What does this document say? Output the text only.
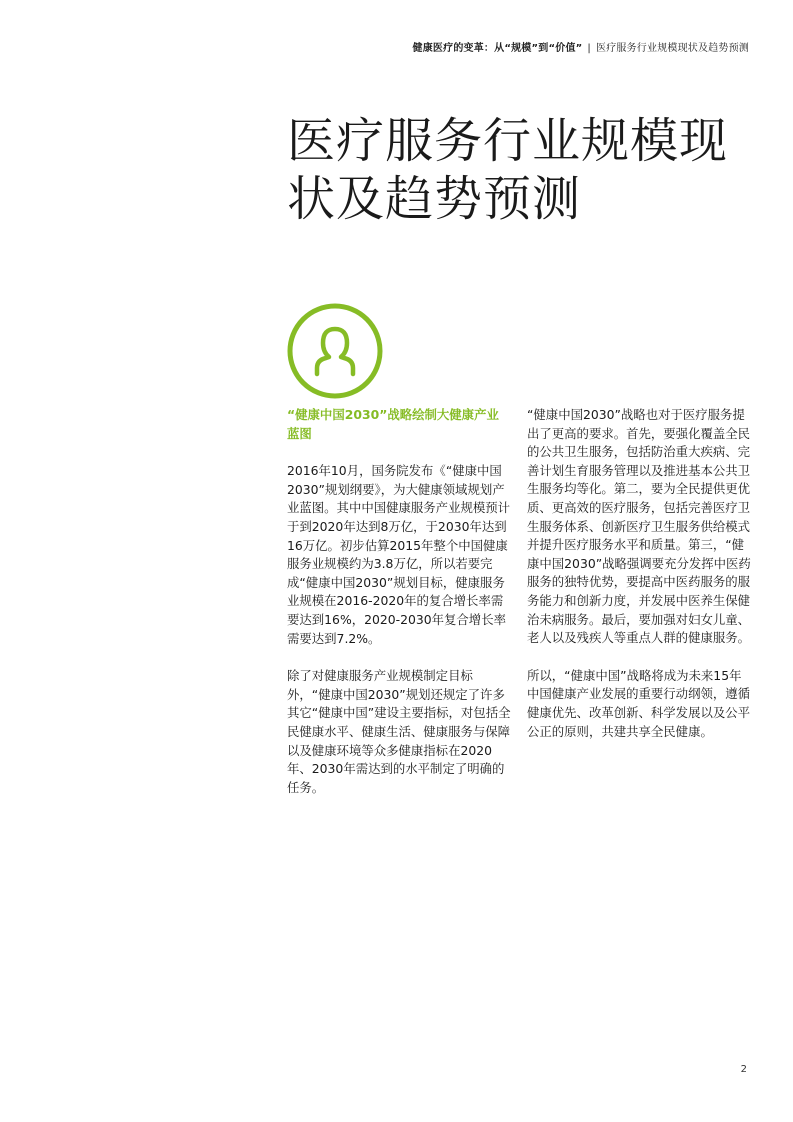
健康医疗的变革：从“规模”到“价值” | 医疗服务行业规模现状及趋势预测
医疗服务行业规模现
状及趋势预测

“健康中国2030”战略绘制大健康产业蓝图

2016年10月，国务院发布《“健康中国2030”规划纲要》，为大健康领域规划产业蓝图。其中中国健康服务产业规模预计于到2020年达到8万亿，于2030年达到16万亿。初步估算2015年整个中国健康服务业规模约为3.8万亿，所以若要完成“健康中国2030”规划目标，健康服务业规模在2016-2020年的复合增长率需要达到16%，2020-2030年复合增长率需要达到7.2%。

除了对健康服务产业规模制定目标外，“健康中国2030”规划还规定了许多其它“健康中国”建设主要指标，对包括全民健康水平、健康生活、健康服务与保障以及健康环境等众多健康指标在2020年、2030年需达到的水平制定了明确的任务。

“健康中国2030”战略也对于医疗服务提出了更高的要求。首先，要强化覆盖全民的公共卫生服务，包括防治重大疾病、完善计划生育服务管理以及推进基本公共卫生服务均等化。第二，要为全民提供更优质、更高效的医疗服务，包括完善医疗卫生服务体系、创新医疗卫生服务供给模式并提升医疗服务水平和质量。第三，“健康中国2030”战略强调要充分发挥中医药服务的独特优势，要提高中医药服务的服务能力和创新力度，并发展中医养生保健治未病服务。最后，要加强对妇女儿童、老人以及残疾人等重点人群的健康服务。

所以，“健康中国”战略将成为未来15年中国健康产业发展的重要行动纲领，遵循健康优先、改革创新、科学发展以及公平公正的原则，共建共享全民健康。

2
